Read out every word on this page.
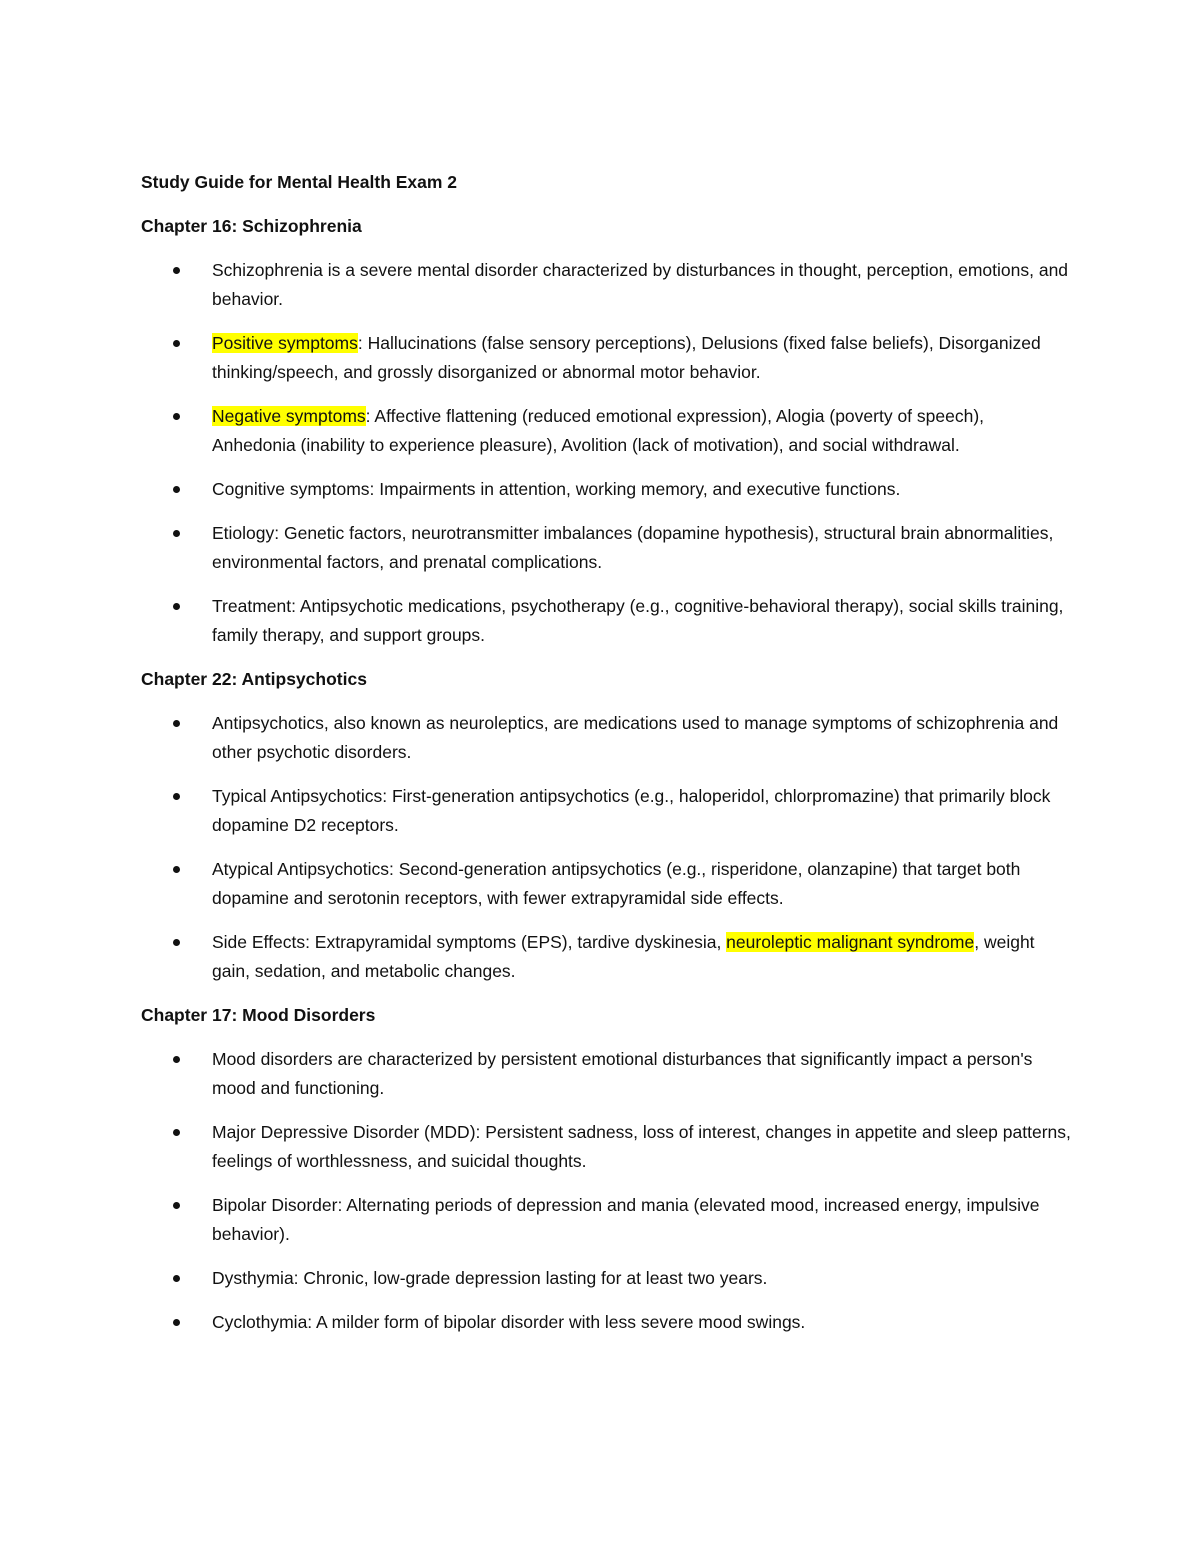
Study Guide for Mental Health Exam 2
Chapter 16: Schizophrenia
Schizophrenia is a severe mental disorder characterized by disturbances in thought, perception, emotions, and behavior.
Positive symptoms: Hallucinations (false sensory perceptions), Delusions (fixed false beliefs), Disorganized thinking/speech, and grossly disorganized or abnormal motor behavior.
Negative symptoms: Affective flattening (reduced emotional expression), Alogia (poverty of speech), Anhedonia (inability to experience pleasure), Avolition (lack of motivation), and social withdrawal.
Cognitive symptoms: Impairments in attention, working memory, and executive functions.
Etiology: Genetic factors, neurotransmitter imbalances (dopamine hypothesis), structural brain abnormalities, environmental factors, and prenatal complications.
Treatment: Antipsychotic medications, psychotherapy (e.g., cognitive-behavioral therapy), social skills training, family therapy, and support groups.
Chapter 22: Antipsychotics
Antipsychotics, also known as neuroleptics, are medications used to manage symptoms of schizophrenia and other psychotic disorders.
Typical Antipsychotics: First-generation antipsychotics (e.g., haloperidol, chlorpromazine) that primarily block dopamine D2 receptors.
Atypical Antipsychotics: Second-generation antipsychotics (e.g., risperidone, olanzapine) that target both dopamine and serotonin receptors, with fewer extrapyramidal side effects.
Side Effects: Extrapyramidal symptoms (EPS), tardive dyskinesia, neuroleptic malignant syndrome, weight gain, sedation, and metabolic changes.
Chapter 17: Mood Disorders
Mood disorders are characterized by persistent emotional disturbances that significantly impact a person's mood and functioning.
Major Depressive Disorder (MDD): Persistent sadness, loss of interest, changes in appetite and sleep patterns, feelings of worthlessness, and suicidal thoughts.
Bipolar Disorder: Alternating periods of depression and mania (elevated mood, increased energy, impulsive behavior).
Dysthymia: Chronic, low-grade depression lasting for at least two years.
Cyclothymia: A milder form of bipolar disorder with less severe mood swings.
